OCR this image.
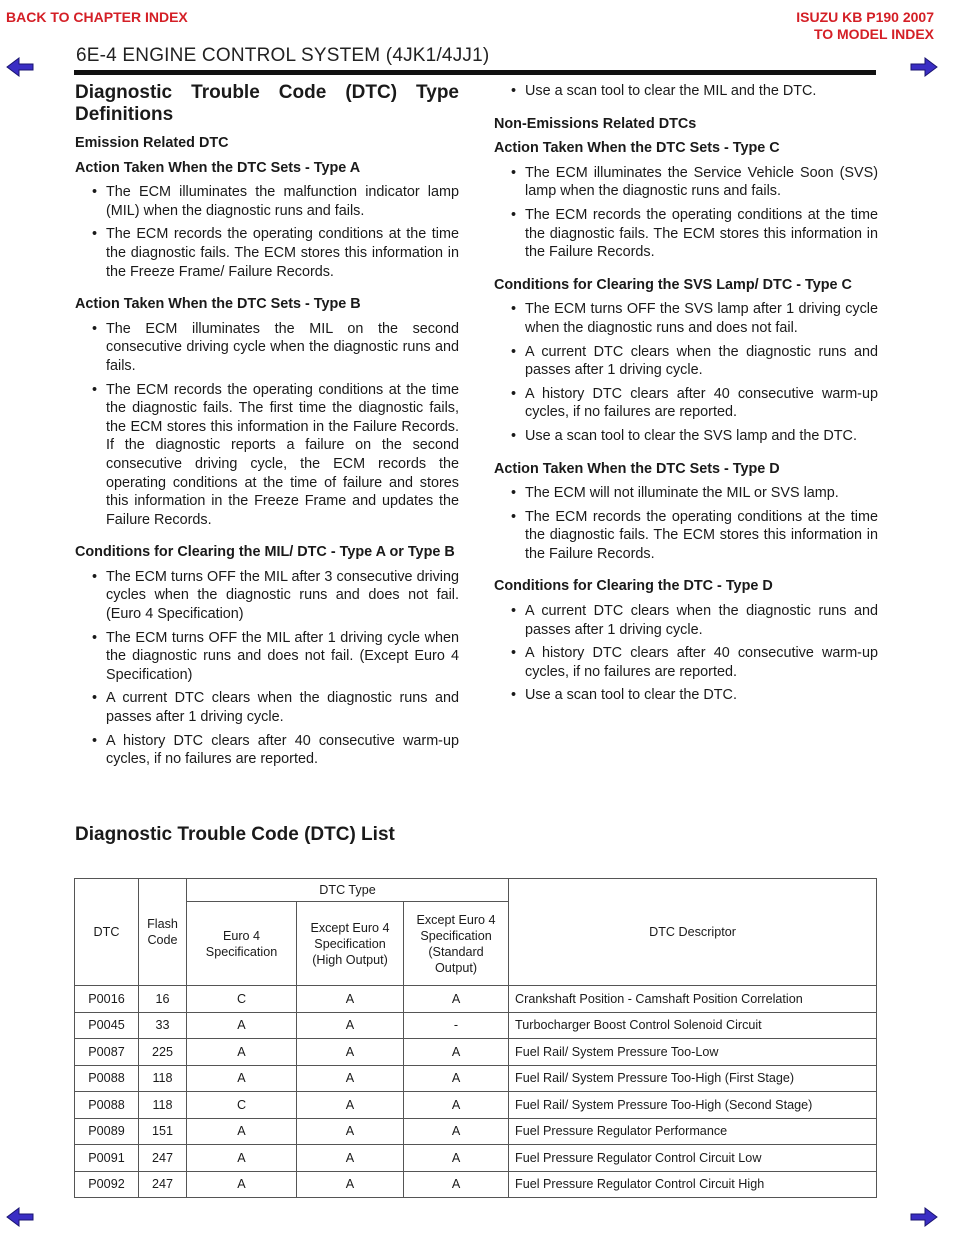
BACK TO CHAPTER INDEX	ISUZU KB P190 2007
TO MODEL INDEX
6E-4 ENGINE CONTROL SYSTEM (4JK1/4JJ1)
Diagnostic Trouble Code (DTC) Type Definitions
Emission Related DTC
Action Taken When the DTC Sets - Type A
• The ECM illuminates the malfunction indicator lamp (MIL) when the diagnostic runs and fails.
• The ECM records the operating conditions at the time the diagnostic fails. The ECM stores this information in the Freeze Frame/ Failure Records.
Action Taken When the DTC Sets - Type B
• The ECM illuminates the MIL on the second consecutive driving cycle when the diagnostic runs and fails.
• The ECM records the operating conditions at the time the diagnostic fails. The first time the diagnostic fails, the ECM stores this information in the Failure Records. If the diagnostic reports a failure on the second consecutive driving cycle, the ECM records the operating conditions at the time of failure and stores this information in the Freeze Frame and updates the Failure Records.
Conditions for Clearing the MIL/ DTC - Type A or Type B
• The ECM turns OFF the MIL after 3 consecutive driving cycles when the diagnostic runs and does not fail. (Euro 4 Specification)
• The ECM turns OFF the MIL after 1 driving cycle when the diagnostic runs and does not fail. (Except Euro 4 Specification)
• A current DTC clears when the diagnostic runs and passes after 1 driving cycle.
• A history DTC clears after 40 consecutive warm-up cycles, if no failures are reported.
• Use a scan tool to clear the MIL and the DTC.
Non-Emissions Related DTCs
Action Taken When the DTC Sets - Type C
• The ECM illuminates the Service Vehicle Soon (SVS) lamp when the diagnostic runs and fails.
• The ECM records the operating conditions at the time the diagnostic fails. The ECM stores this information in the Failure Records.
Conditions for Clearing the SVS Lamp/ DTC - Type C
• The ECM turns OFF the SVS lamp after 1 driving cycle when the diagnostic runs and does not fail.
• A current DTC clears when the diagnostic runs and passes after 1 driving cycle.
• A history DTC clears after 40 consecutive warm-up cycles, if no failures are reported.
• Use a scan tool to clear the SVS lamp and the DTC.
Action Taken When the DTC Sets - Type D
• The ECM will not illuminate the MIL or SVS lamp.
• The ECM records the operating conditions at the time the diagnostic fails. The ECM stores this information in the Failure Records.
Conditions for Clearing the DTC - Type D
• A current DTC clears when the diagnostic runs and passes after 1 driving cycle.
• A history DTC clears after 40 consecutive warm-up cycles, if no failures are reported.
• Use a scan tool to clear the DTC.
Diagnostic Trouble Code (DTC) List
DTC	Flash Code	DTC Type			DTC Descriptor
		Euro 4 Specification	Except Euro 4 Specification (High Output)	Except Euro 4 Specification (Standard Output)	
P0016	16	C	A	A	Crankshaft Position - Camshaft Position Correlation
P0045	33	A	A	-	Turbocharger Boost Control Solenoid Circuit
P0087	225	A	A	A	Fuel Rail/ System Pressure Too-Low
P0088	118	A	A	A	Fuel Rail/ System Pressure Too-High (First Stage)
P0088	118	C	A	A	Fuel Rail/ System Pressure Too-High (Second Stage)
P0089	151	A	A	A	Fuel Pressure Regulator Performance
P0091	247	A	A	A	Fuel Pressure Regulator Control Circuit Low
P0092	247	A	A	A	Fuel Pressure Regulator Control Circuit High
